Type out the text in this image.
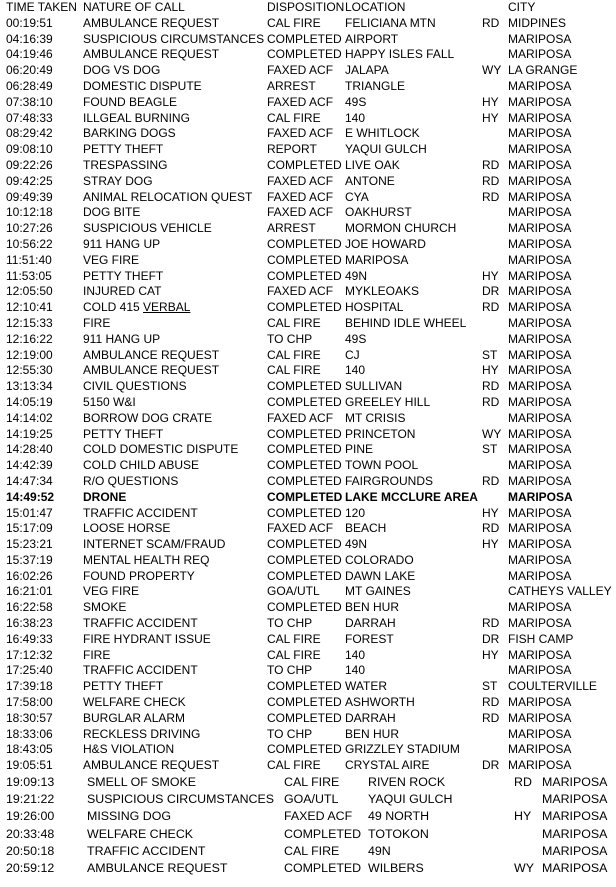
TIME TAKEN NATURE OF CALL	DISPOSITION LOCATION	CITY
00:19:51	AMBULANCE REQUEST	CAL FIRE FELICIANA MTN	RD MIDPINES
04:16:39	SUSPICIOUS CIRCUMSTANCES COMPLETED AIRPORT	MARIPOSA
04:19:46	AMBULANCE REQUEST	COMPLETED HAPPY ISLES FALL	MARIPOSA
06:20:49	DOG VS DOG	FAXED ACF JALAPA	WY LA GRANGE
06:28:49	DOMESTIC DISPUTE	ARREST TRIANGLE	MARIPOSA
07:38:10	FOUND BEAGLE	FAXED ACF 49S	HY MARIPOSA
07:48:33	ILLGEAL BURNING	CAL FIRE 140	HY MARIPOSA
08:29:42	BARKING DOGS	FAXED ACF E WHITLOCK	MARIPOSA
09:08:10	PETTY THEFT	REPORT YAQUI GULCH	MARIPOSA
09:22:26	TRESPASSING	COMPLETED LIVE OAK	RD MARIPOSA
09:42:25	STRAY DOG	FAXED ACF ANTONE	RD MARIPOSA
09:49:39	ANIMAL RELOCATION QUEST FAXED ACF CYA	RD MARIPOSA
10:12:18	DOG BITE	FAXED ACF OAKHURST	MARIPOSA
10:27:26	SUSPICIOUS VEHICLE	ARREST MORMON CHURCH	MARIPOSA
10:56:22	911 HANG UP	COMPLETED JOE HOWARD	MARIPOSA
11:51:40	VEG FIRE	COMPLETED MARIPOSA	MARIPOSA
11:53:05	PETTY THEFT	COMPLETED 49N	HY MARIPOSA
12:05:50	INJURED CAT	FAXED ACF MYKLEOAKS	DR MARIPOSA
12:10:41	COLD 415 VERBAL	COMPLETED HOSPITAL	RD MARIPOSA
12:15:33	FIRE	CAL FIRE BEHIND IDLE WHEEL	MARIPOSA
12:16:22	911 HANG UP	TO CHP	49S	MARIPOSA
12:19:00	AMBULANCE REQUEST	CAL FIRE CJ	ST MARIPOSA
12:55:30	AMBULANCE REQUEST	CAL FIRE 140	HY MARIPOSA
13:13:34	CIVIL QUESTIONS	COMPLETED SULLIVAN	RD MARIPOSA
14:05:19	5150 W&I	COMPLETED GREELEY HILL	RD MARIPOSA
14:14:02	BORROW DOG CRATE	FAXED ACF MT CRISIS	MARIPOSA
14:19:25	PETTY THEFT	COMPLETED PRINCETON	WY MARIPOSA
14:28:40	COLD DOMESTIC DISPUTE COMPLETED PINE	ST MARIPOSA
14:42:39	COLD CHILD ABUSE	COMPLETED TOWN POOL	MARIPOSA
14:47:34	R/O QUESTIONS	COMPLETED FAIRGROUNDS	RD MARIPOSA
14:49:52 DRONE	COMPLETED LAKE MCCLURE AREA	MARIPOSA
15:01:47	TRAFFIC ACCIDENT	COMPLETED 120	HY MARIPOSA
15:17:09	LOOSE HORSE	FAXED ACF BEACH	RD MARIPOSA
15:23:21	INTERNET SCAM/FRAUD	COMPLETED 49N	HY MARIPOSA
15:37:19	MENTAL HEALTH REQ	COMPLETED COLORADO	MARIPOSA
16:02:26	FOUND PROPERTY	COMPLETED DAWN LAKE	MARIPOSA
16:21:01	VEG FIRE	GOA/UTL MT GAINES	CATHEYS VALLEY
16:22:58	SMOKE	COMPLETED BEN HUR	MARIPOSA
16:38:23	TRAFFIC ACCIDENT	TO CHP	DARRAH	RD MARIPOSA
16:49:33	FIRE HYDRANT ISSUE	CAL FIRE FOREST	DR FISH CAMP
17:12:32	FIRE	CAL FIRE 140	HY MARIPOSA
17:25:40	TRAFFIC ACCIDENT	TO CHP	140	MARIPOSA
17:39:18	PETTY THEFT	COMPLETED WATER	ST COULTERVILLE
17:58:00	WELFARE CHECK	COMPLETED ASHWORTH	RD MARIPOSA
18:30:57	BURGLAR ALARM	COMPLETED DARRAH	RD MARIPOSA
18:33:06	RECKLESS DRIVING	TO CHP	BEN HUR	MARIPOSA
18:43:05	H&S VIOLATION	COMPLETED GRIZZLEY STADIUM	MARIPOSA
19:05:51	AMBULANCE REQUEST	CAL FIRE CRYSTAL AIRE	DR MARIPOSA
19:09:13	SMELL OF SMOKE	CAL FIRE RIVEN ROCK	RD MARIPOSA
19:21:22	SUSPICIOUS CIRCUMSTANCES GOA/UTL YAQUI GULCH	MARIPOSA
19:26:00	MISSING DOG	FAXED ACF 49 NORTH	HY MARIPOSA
20:33:48	WELFARE CHECK	COMPLETED TOTOKON	MARIPOSA
20:50:18	TRAFFIC ACCIDENT	CAL FIRE 49N	MARIPOSA
20:59:12	AMBULANCE REQUEST	COMPLETED WILBERS	WY MARIPOSA
